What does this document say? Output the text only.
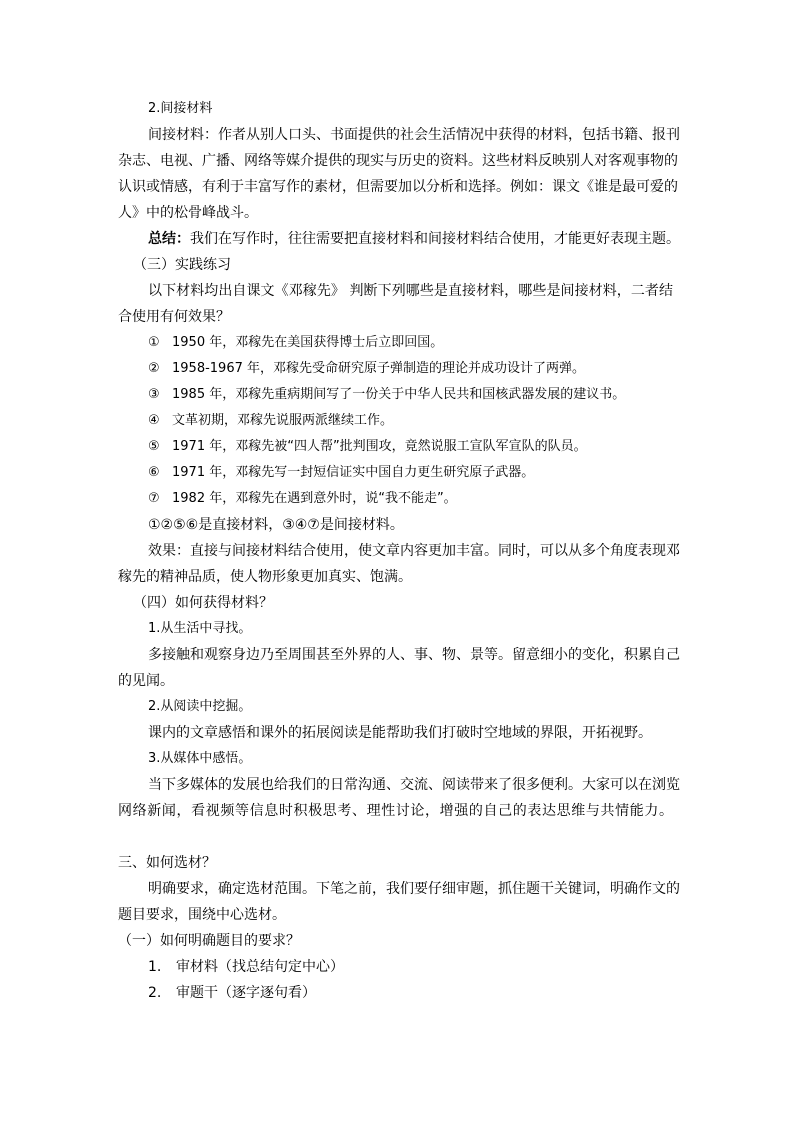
2.间接材料
间接材料：作者从别人口头、书面提供的社会生活情况中获得的材料，包括书籍、报刊
杂志、电视、广播、网络等媒介提供的现实与历史的资料。这些材料反映别人对客观事物的
认识或情感，有利于丰富写作的素材，但需要加以分析和选择。例如：课文《谁是最可爱的
人》中的松骨峰战斗。
总结：我们在写作时，往往需要把直接材料和间接材料结合使用，才能更好表现主题。
（三）实践练习
以下材料均出自课文《邓稼先》 判断下列哪些是直接材料，哪些是间接材料，二者结
合使用有何效果？
① 1950 年，邓稼先在美国获得博士后立即回国。
② 1958-1967 年，邓稼先受命研究原子弹制造的理论并成功设计了两弹。
③ 1985 年，邓稼先重病期间写了一份关于中华人民共和国核武器发展的建议书。
④ 文革初期，邓稼先说服两派继续工作。
⑤ 1971 年，邓稼先被“四人帮”批判围攻，竟然说服工宣队军宣队的队员。
⑥ 1971 年，邓稼先写一封短信证实中国自力更生研究原子武器。
⑦ 1982 年，邓稼先在遇到意外时，说“我不能走”。
①②⑤⑥是直接材料，③④⑦是间接材料。
效果：直接与间接材料结合使用，使文章内容更加丰富。同时，可以从多个角度表现邓
稼先的精神品质，使人物形象更加真实、饱满。
（四）如何获得材料？
1.从生活中寻找。
多接触和观察身边乃至周围甚至外界的人、事、物、景等。留意细小的变化，积累自己
的见闻。
2.从阅读中挖掘。
课内的文章感悟和课外的拓展阅读是能帮助我们打破时空地域的界限，开拓视野。
3.从媒体中感悟。
当下多媒体的发展也给我们的日常沟通、交流、阅读带来了很多便利。大家可以在浏览
网络新闻，看视频等信息时积极思考、理性讨论，增强的自己的表达思维与共情能力。
三、如何选材？
明确要求，确定选材范围。下笔之前，我们要仔细审题，抓住题干关键词，明确作文的
题目要求，围绕中心选材。
（一）如何明确题目的要求？
1. 审材料（找总结句定中心）
2. 审题干（逐字逐句看）
